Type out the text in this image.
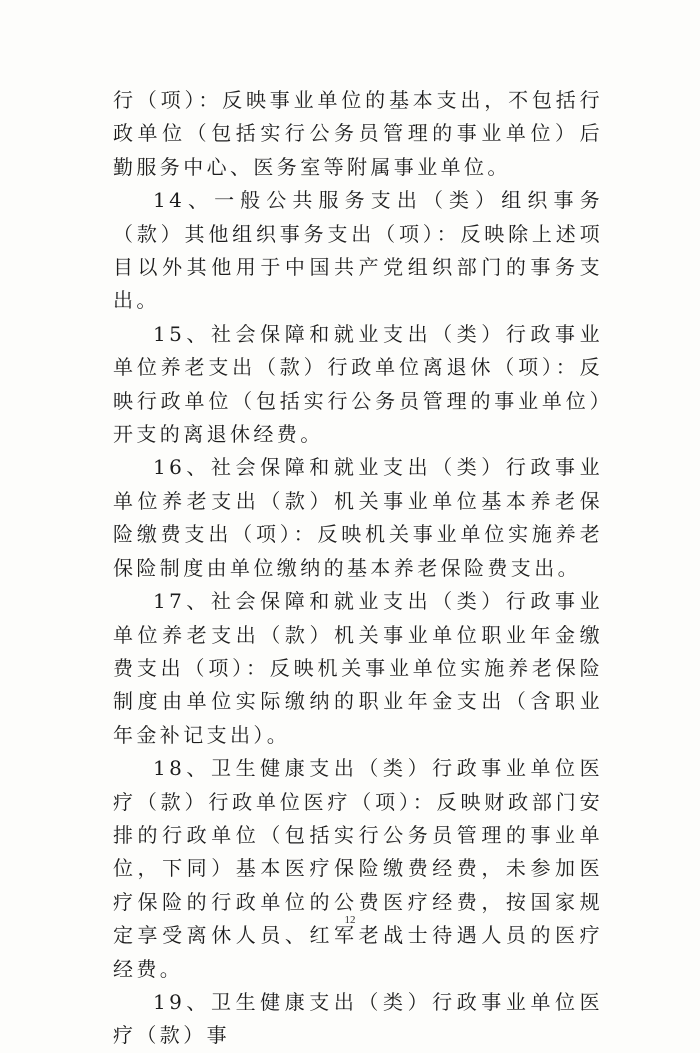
行（项）：反映事业单位的基本支出，不包括行政单位（包括实行公务员管理的事业单位）后勤服务中心、医务室等附属事业单位。

14、一般公共服务支出（类）组织事务（款）其他组织事务支出（项）：反映除上述项目以外其他用于中国共产党组织部门的事务支出。

15、社会保障和就业支出（类）行政事业单位养老支出（款）行政单位离退休（项）：反映行政单位（包括实行公务员管理的事业单位）开支的离退休经费。

16、社会保障和就业支出（类）行政事业单位养老支出（款）机关事业单位基本养老保险缴费支出（项）：反映机关事业单位实施养老保险制度由单位缴纳的基本养老保险费支出。

17、社会保障和就业支出（类）行政事业单位养老支出（款）机关事业单位职业年金缴费支出（项）：反映机关事业单位实施养老保险制度由单位实际缴纳的职业年金支出（含职业年金补记支出）。

18、卫生健康支出（类）行政事业单位医疗（款）行政单位医疗（项）：反映财政部门安排的行政单位（包括实行公务员管理的事业单位，下同）基本医疗保险缴费经费，未参加医疗保险的行政单位的公费医疗经费，按国家规定享受离休人员、红军老战士待遇人员的医疗经费。

19、卫生健康支出（类）行政事业单位医疗（款）事

12
